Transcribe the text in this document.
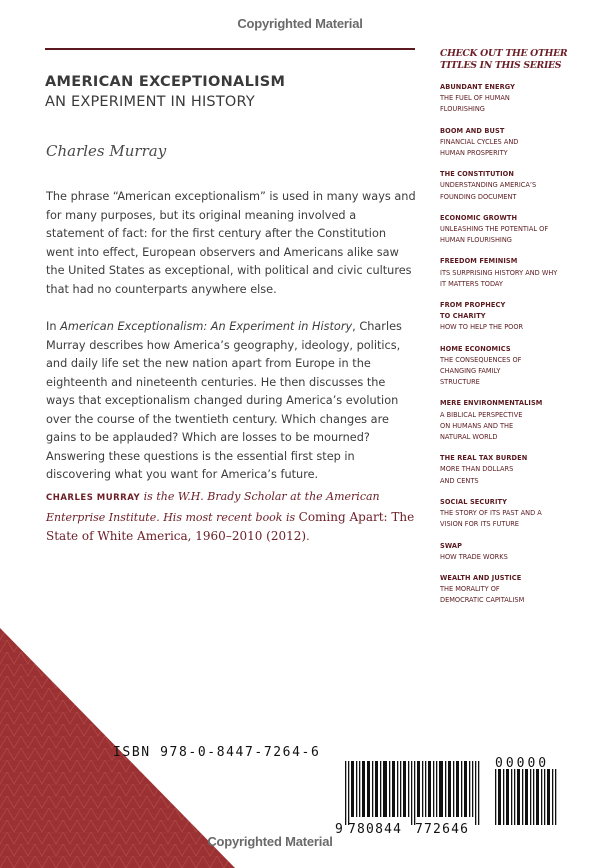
Copyrighted Material
AMERICAN EXCEPTIONALISM
AN EXPERIMENT IN HISTORY
Charles Murray
The phrase “American exceptionalism” is used in many ways and for many purposes, but its original meaning involved a statement of fact: for the first century after the Constitution went into effect, European observers and Americans alike saw the United States as exceptional, with political and civic cultures that had no counterparts anywhere else.
In American Exceptionalism: An Experiment in History, Charles Murray describes how America’s geography, ideology, politics, and daily life set the new nation apart from Europe in the eighteenth and nineteenth centuries. He then discusses the ways that exceptionalism changed during America’s evolution over the course of the twentieth century. Which changes are gains to be applauded? Which are losses to be mourned? Answering these questions is the essential first step in discovering what you want for America’s future.
CHARLES MURRAY is the W.H. Brady Scholar at the American Enterprise Institute. His most recent book is Coming Apart: The State of White America, 1960–2010 (2012).
CHECK OUT THE OTHER
TITLES IN THIS SERIES
ABUNDANT ENERGY
THE FUEL OF HUMAN FLOURISHING
BOOM AND BUST
FINANCIAL CYCLES AND HUMAN PROSPERITY
THE CONSTITUTION
UNDERSTANDING AMERICA’S FOUNDING DOCUMENT
ECONOMIC GROWTH
UNLEASHING THE POTENTIAL OF HUMAN FLOURISHING
FREEDOM FEMINISM
ITS SURPRISING HISTORY AND WHY IT MATTERS TODAY
FROM PROPHECY TO CHARITY
HOW TO HELP THE POOR
HOME ECONOMICS
THE CONSEQUENCES OF CHANGING FAMILY STRUCTURE
MERE ENVIRONMENTALISM
A BIBLICAL PERSPECTIVE ON HUMANS AND THE NATURAL WORLD
THE REAL TAX BURDEN
MORE THAN DOLLARS AND CENTS
SOCIAL SECURITY
THE STORY OF ITS PAST AND A VISION FOR ITS FUTURE
SWAP
HOW TRADE WORKS
WEALTH AND JUSTICE
THE MORALITY OF DEMOCRATIC CAPITALISM
ISBN 978-0-8447-7264-6
9 780844 772646
00000
Copyrighted Material
